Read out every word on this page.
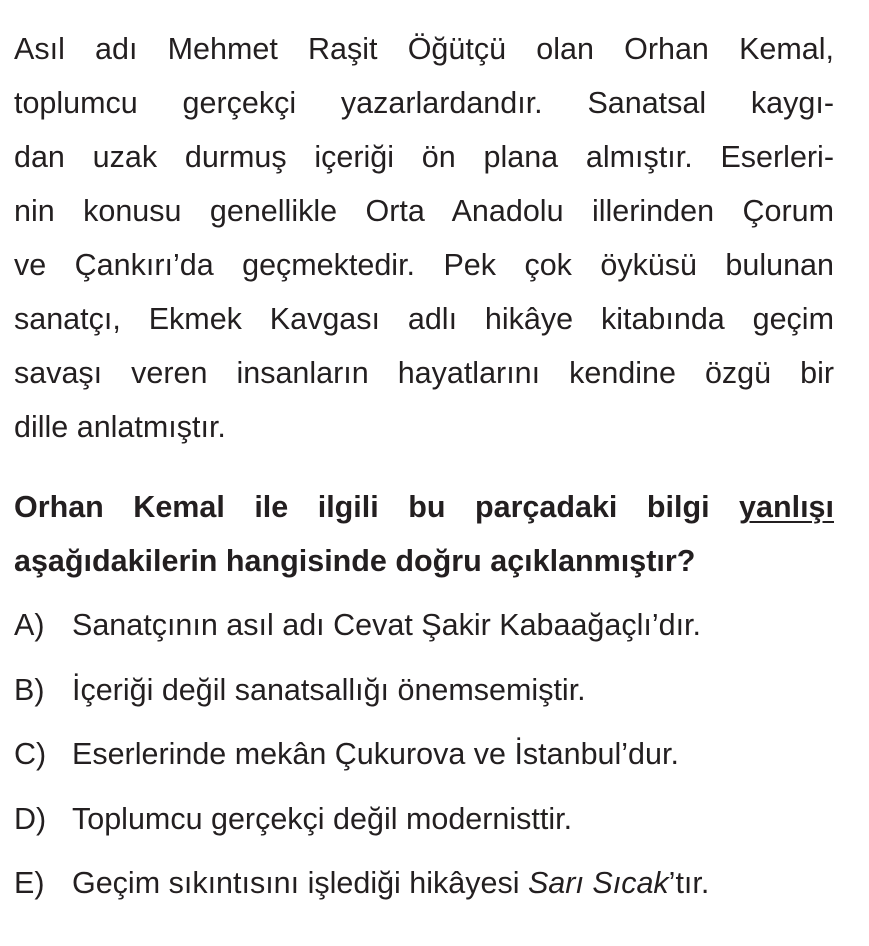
Asıl adı Mehmet Raşit Öğütçü olan Orhan Kemal,
toplumcu gerçekçi yazarlardandır. Sanatsal kaygı-
dan uzak durmuş içeriği ön plana almıştır. Eserleri-
nin konusu genellikle Orta Anadolu illerinden Çorum
ve Çankırı’da geçmektedir. Pek çok öyküsü bulunan
sanatçı, Ekmek Kavgası adlı hikâye kitabında geçim
savaşı veren insanların hayatlarını kendine özgü bir
dille anlatmıştır.
Orhan Kemal ile ilgili bu parçadaki bilgi yanlışı
aşağıdakilerin hangisinde doğru açıklanmıştır?
A) Sanatçının asıl adı Cevat Şakir Kabaağaçlı’dır.
B) İçeriği değil sanatsallığı önemsemiştir.
C) Eserlerinde mekân Çukurova ve İstanbul’dur.
D) Toplumcu gerçekçi değil modernisttir.
E) Geçim sıkıntısını işlediği hikâyesi Sarı Sıcak’tır.
